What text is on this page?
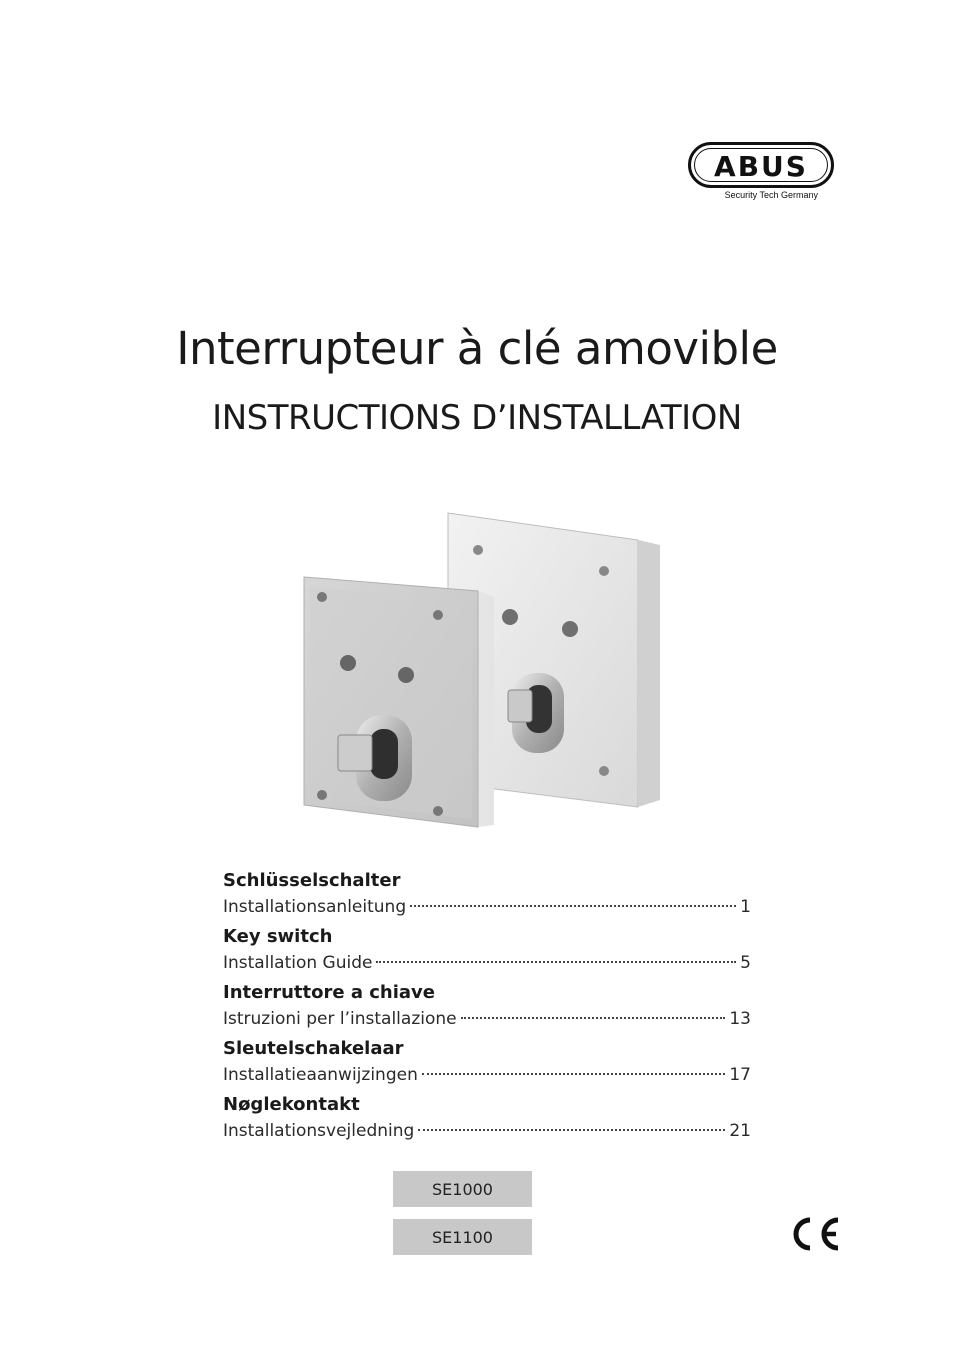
ABUS
Security Tech Germany
Interrupteur à clé amovible
INSTRUCTIONS D’INSTALLATION
Schlüsselschalter
Installationsanleitung	1
Key switch
Installation Guide	5
Interruttore a chiave
Istruzioni per l’installazione	13
Sleutelschakelaar
Installatieaanwijzingen	17
Nøglekontakt
Installationsvejledning	21
SE1000
SE1100
